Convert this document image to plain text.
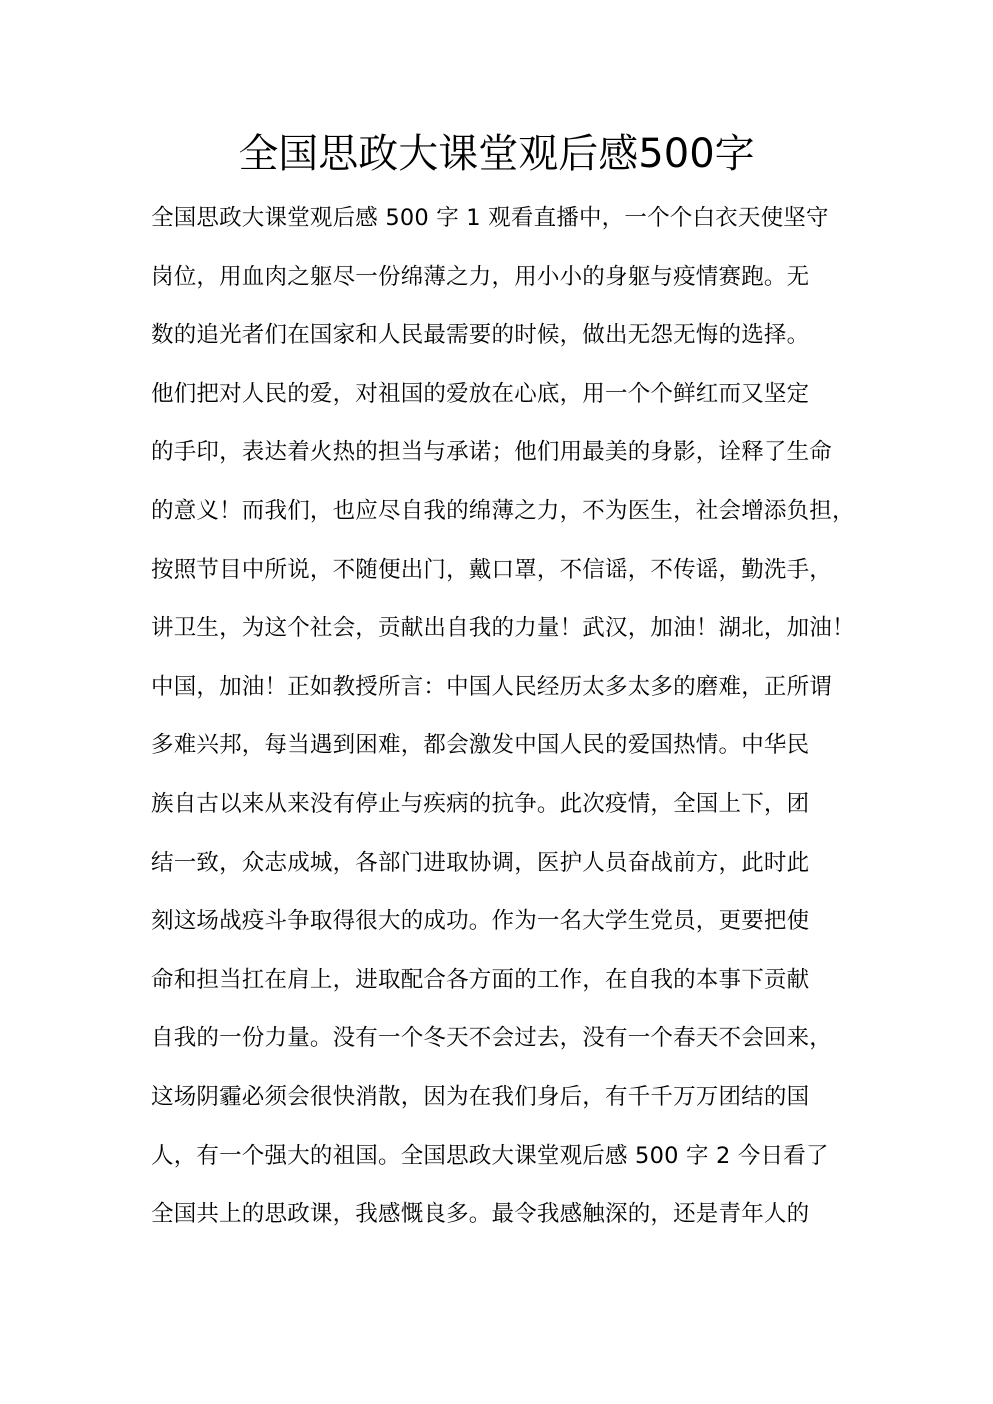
全国思政大课堂观后感500字
全国思政大课堂观后感 500 字 1 观看直播中，一个个白衣天使坚守
岗位，用血肉之躯尽一份绵薄之力，用小小的身躯与疫情赛跑。无
数的追光者们在国家和人民最需要的时候，做出无怨无悔的选择。
他们把对人民的爱，对祖国的爱放在心底，用一个个鲜红而又坚定
的手印，表达着火热的担当与承诺；他们用最美的身影，诠释了生命
的意义！而我们，也应尽自我的绵薄之力，不为医生，社会增添负担，
按照节目中所说，不随便出门，戴口罩，不信谣，不传谣，勤洗手，
讲卫生，为这个社会，贡献出自我的力量！武汉，加油！湖北，加油！
中国，加油！正如教授所言：中国人民经历太多太多的磨难，正所谓
多难兴邦，每当遇到困难，都会激发中国人民的爱国热情。中华民
族自古以来从来没有停止与疾病的抗争。此次疫情，全国上下，团
结一致，众志成城，各部门进取协调，医护人员奋战前方，此时此
刻这场战疫斗争取得很大的成功。作为一名大学生党员，更要把使
命和担当扛在肩上，进取配合各方面的工作，在自我的本事下贡献
自我的一份力量。没有一个冬天不会过去，没有一个春天不会回来，
这场阴霾必须会很快消散，因为在我们身后，有千千万万团结的国
人，有一个强大的祖国。全国思政大课堂观后感 500 字 2 今日看了
全国共上的思政课，我感慨良多。最令我感触深的，还是青年人的
